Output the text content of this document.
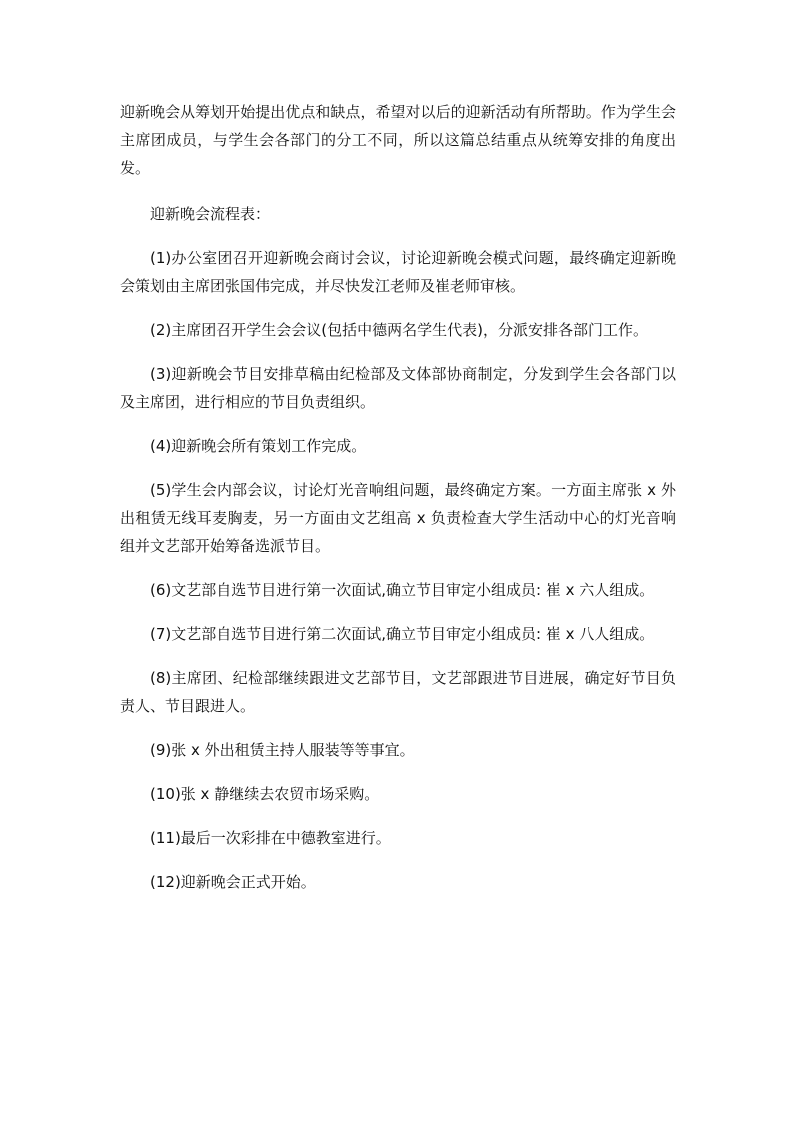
迎新晚会从筹划开始提出优点和缺点，希望对以后的迎新活动有所帮助。作为学生会主席团成员，与学生会各部门的分工不同，所以这篇总结重点从统筹安排的角度出发。

迎新晚会流程表：

(1)办公室团召开迎新晚会商讨会议，讨论迎新晚会模式问题，最终确定迎新晚会策划由主席团张国伟完成，并尽快发江老师及崔老师审核。

(2)主席团召开学生会会议(包括中德两名学生代表)，分派安排各部门工作。

(3)迎新晚会节目安排草稿由纪检部及文体部协商制定，分发到学生会各部门以及主席团，进行相应的节目负责组织。

(4)迎新晚会所有策划工作完成。

(5)学生会内部会议，讨论灯光音响组问题，最终确定方案。一方面主席张 x 外出租赁无线耳麦胸麦，另一方面由文艺组高 x 负责检查大学生活动中心的灯光音响组并文艺部开始筹备选派节目。

(6)文艺部自选节目进行第一次面试,确立节目审定小组成员: 崔 x 六人组成。

(7)文艺部自选节目进行第二次面试,确立节目审定小组成员: 崔 x 八人组成。

(8)主席团、纪检部继续跟进文艺部节目，文艺部跟进节目进展，确定好节目负责人、节目跟进人。

(9)张 x 外出租赁主持人服装等等事宜。

(10)张 x 静继续去农贸市场采购。

(11)最后一次彩排在中德教室进行。

(12)迎新晚会正式开始。
